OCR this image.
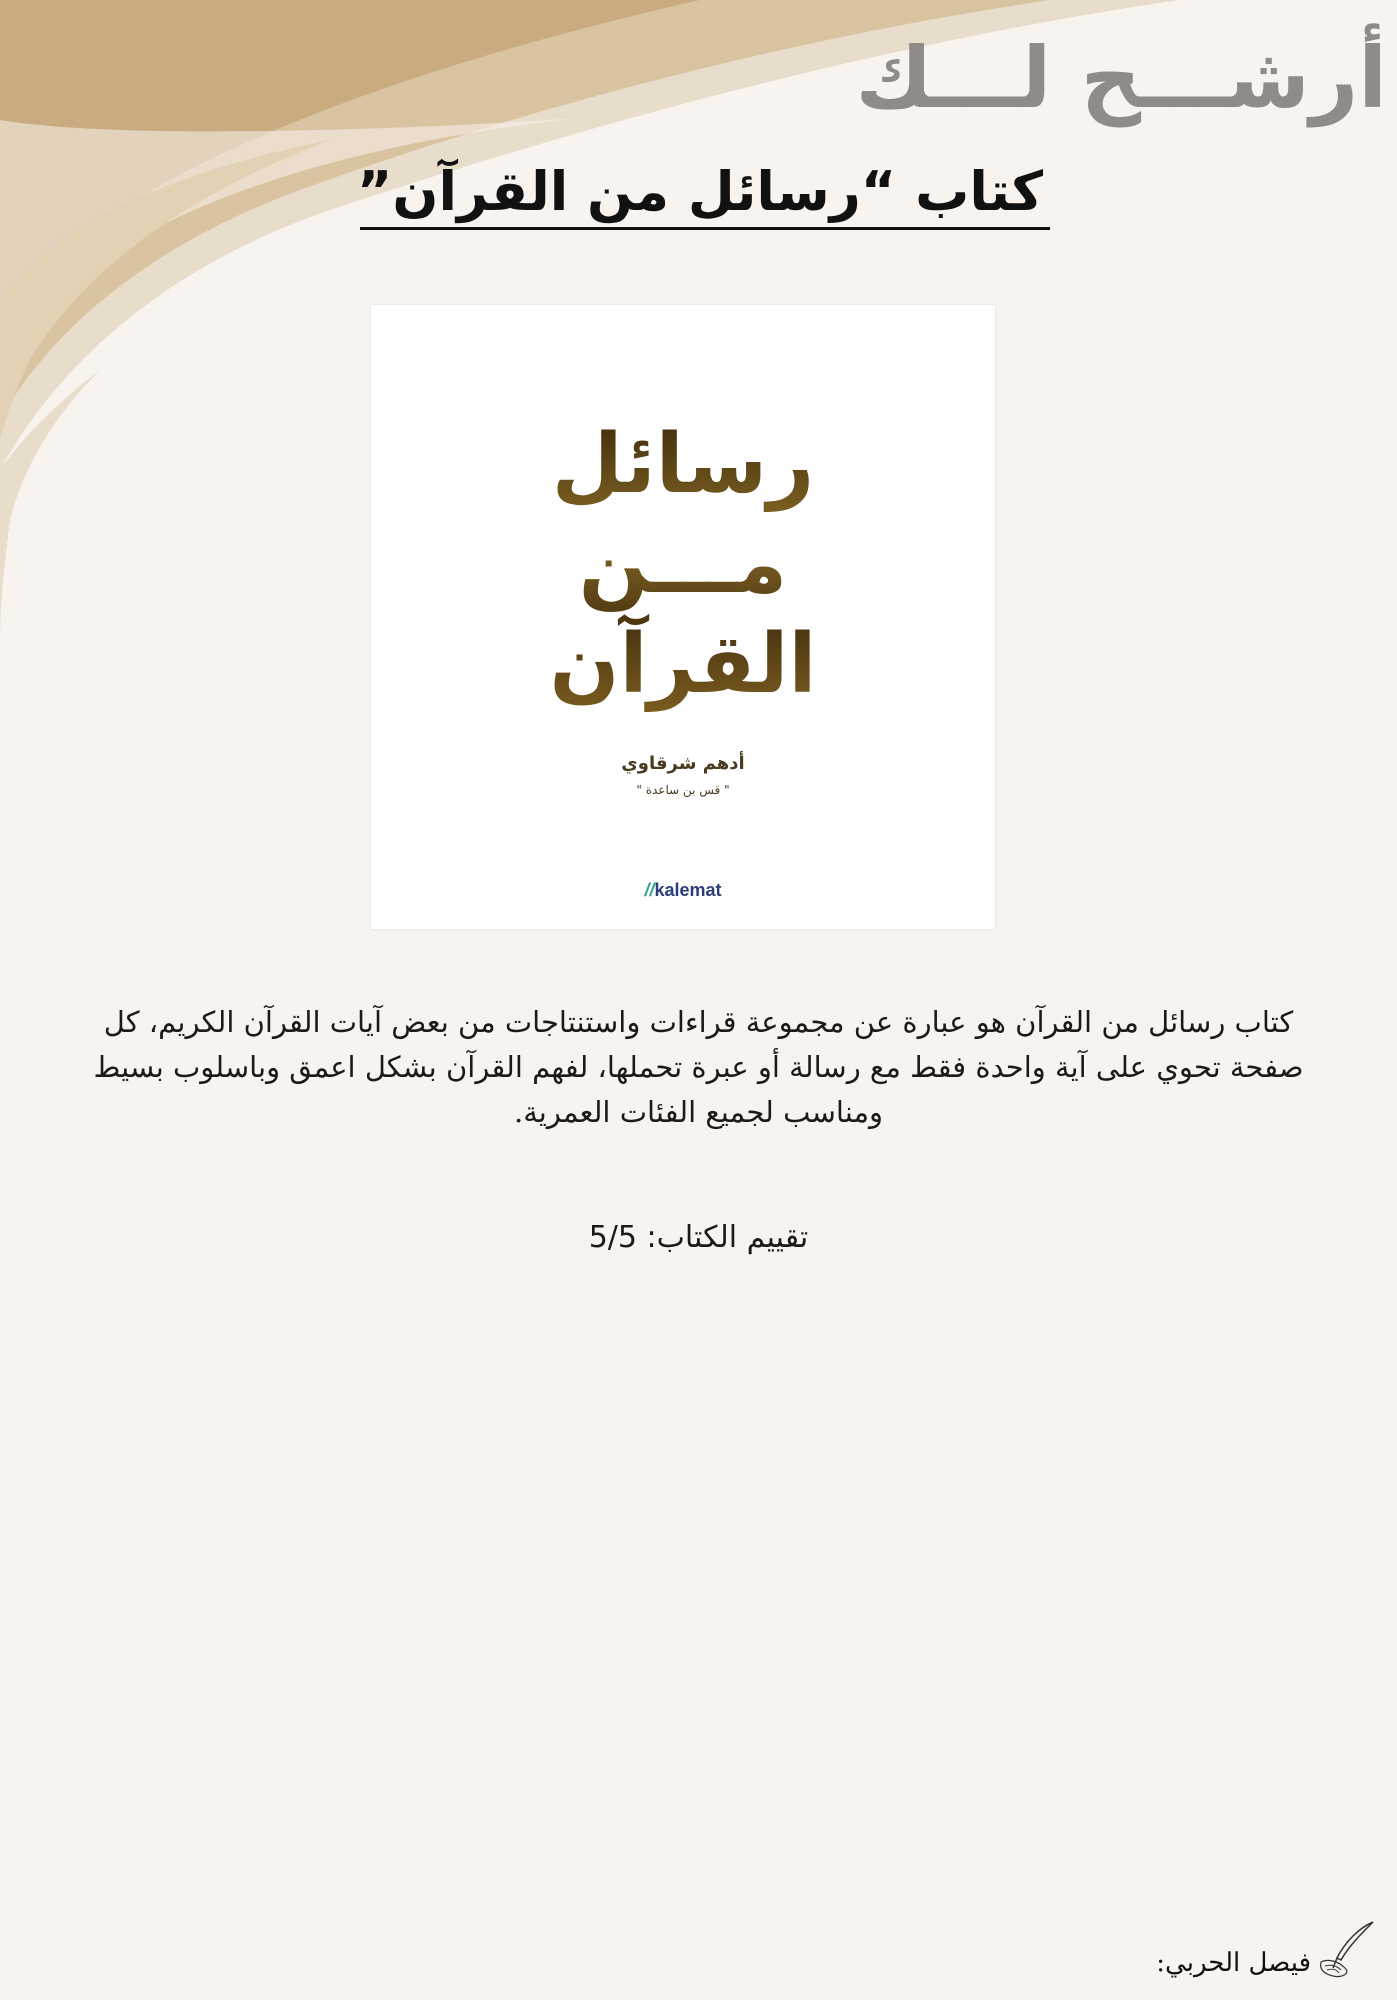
أرشـــح لـــك
كتاب “رسائل من القرآن”
رسائل
مـــن
القرآن
أدهم شرقاوي
" قس بن ساعدة "
//kalemat

كتاب رسائل من القرآن هو عبارة عن مجموعة قراءات واستنتاجات من بعض آيات القرآن الكريم، كل صفحة تحوي على آية واحدة فقط مع رسالة أو عبرة تحملها، لفهم القرآن بشكل اعمق وباسلوب بسيط ومناسب لجميع الفئات العمرية.

تقييم الكتاب: 5/5
فيصل الحربي:
